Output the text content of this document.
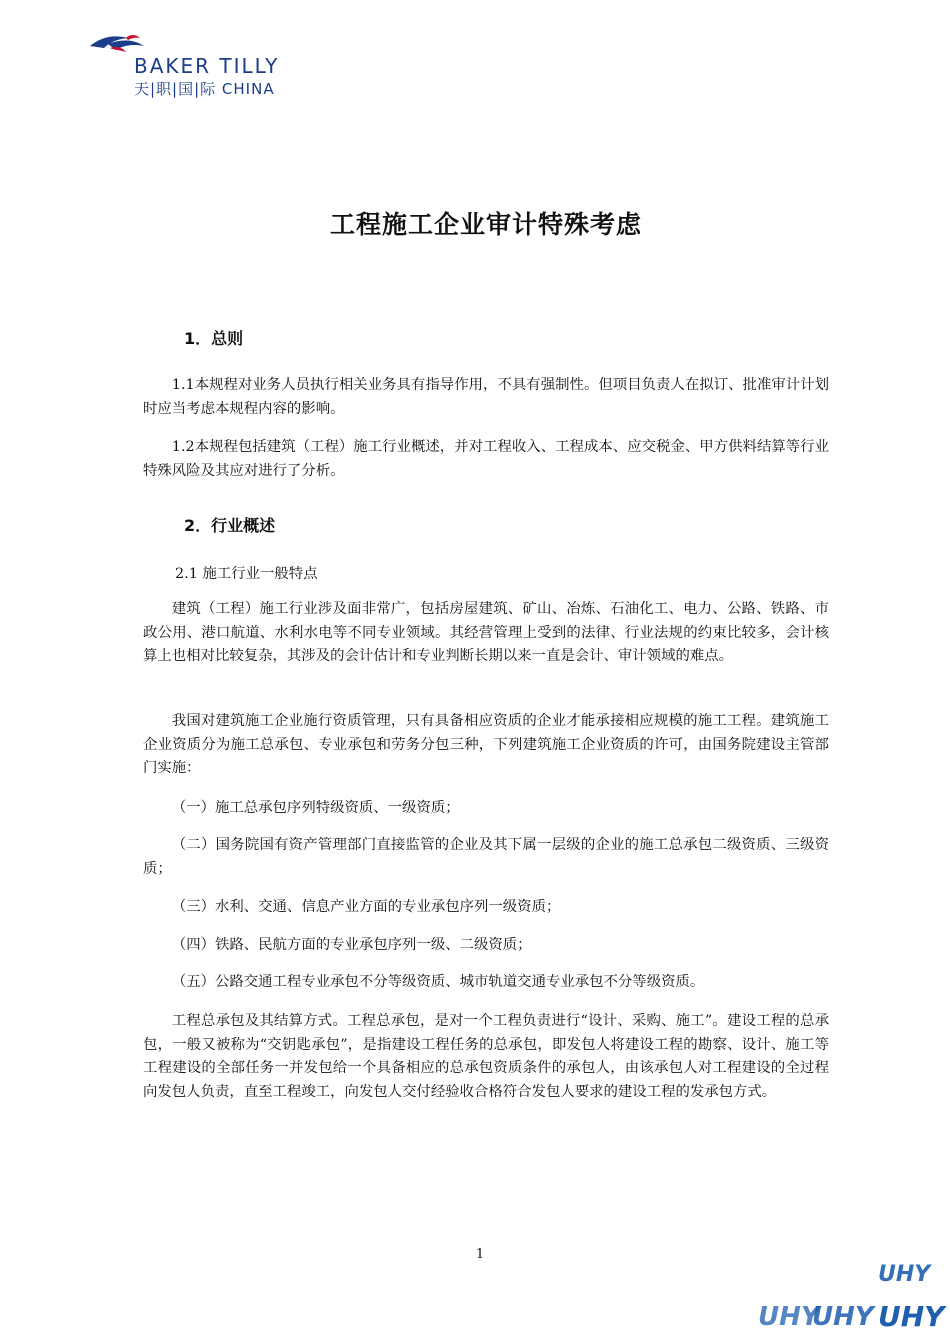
BAKER TILLY
天|职|国|际 CHINA
工程施工企业审计特殊考虑
1．总则

1.1本规程对业务人员执行相关业务具有指导作用，不具有强制性。但项目负责人在拟订、批准审计计划时应当考虑本规程内容的影响。

1.2本规程包括建筑（工程）施工行业概述，并对工程收入、工程成本、应交税金、甲方供料结算等行业特殊风险及其应对进行了分析。

2．行业概述

2.1 施工行业一般特点

建筑（工程）施工行业涉及面非常广，包括房屋建筑、矿山、冶炼、石油化工、电力、公路、铁路、市政公用、港口航道、水利水电等不同专业领域。其经营管理上受到的法律、行业法规的约束比较多，会计核算上也相对比较复杂，其涉及的会计估计和专业判断长期以来一直是会计、审计领域的难点。

我国对建筑施工企业施行资质管理，只有具备相应资质的企业才能承接相应规模的施工工程。建筑施工企业资质分为施工总承包、专业承包和劳务分包三种，下列建筑施工企业资质的许可，由国务院建设主管部门实施：

（一）施工总承包序列特级资质、一级资质；

（二）国务院国有资产管理部门直接监管的企业及其下属一层级的企业的施工总承包二级资质、三级资质；

（三）水利、交通、信息产业方面的专业承包序列一级资质；

（四）铁路、民航方面的专业承包序列一级、二级资质；

（五）公路交通工程专业承包不分等级资质、城市轨道交通专业承包不分等级资质。

工程总承包及其结算方式。工程总承包，是对一个工程负责进行“设计、采购、施工”。建设工程的总承包，一般又被称为“交钥匙承包”，是指建设工程任务的总承包，即发包人将建设工程的勘察、设计、施工等工程建设的全部任务一并发包给一个具备相应的总承包资质条件的承包人，由该承包人对工程建设的全过程向发包人负责，直至工程竣工，向发包人交付经验收合格符合发包人要求的建设工程的发承包方式。

1
UHY
UHY
UHY UHY
